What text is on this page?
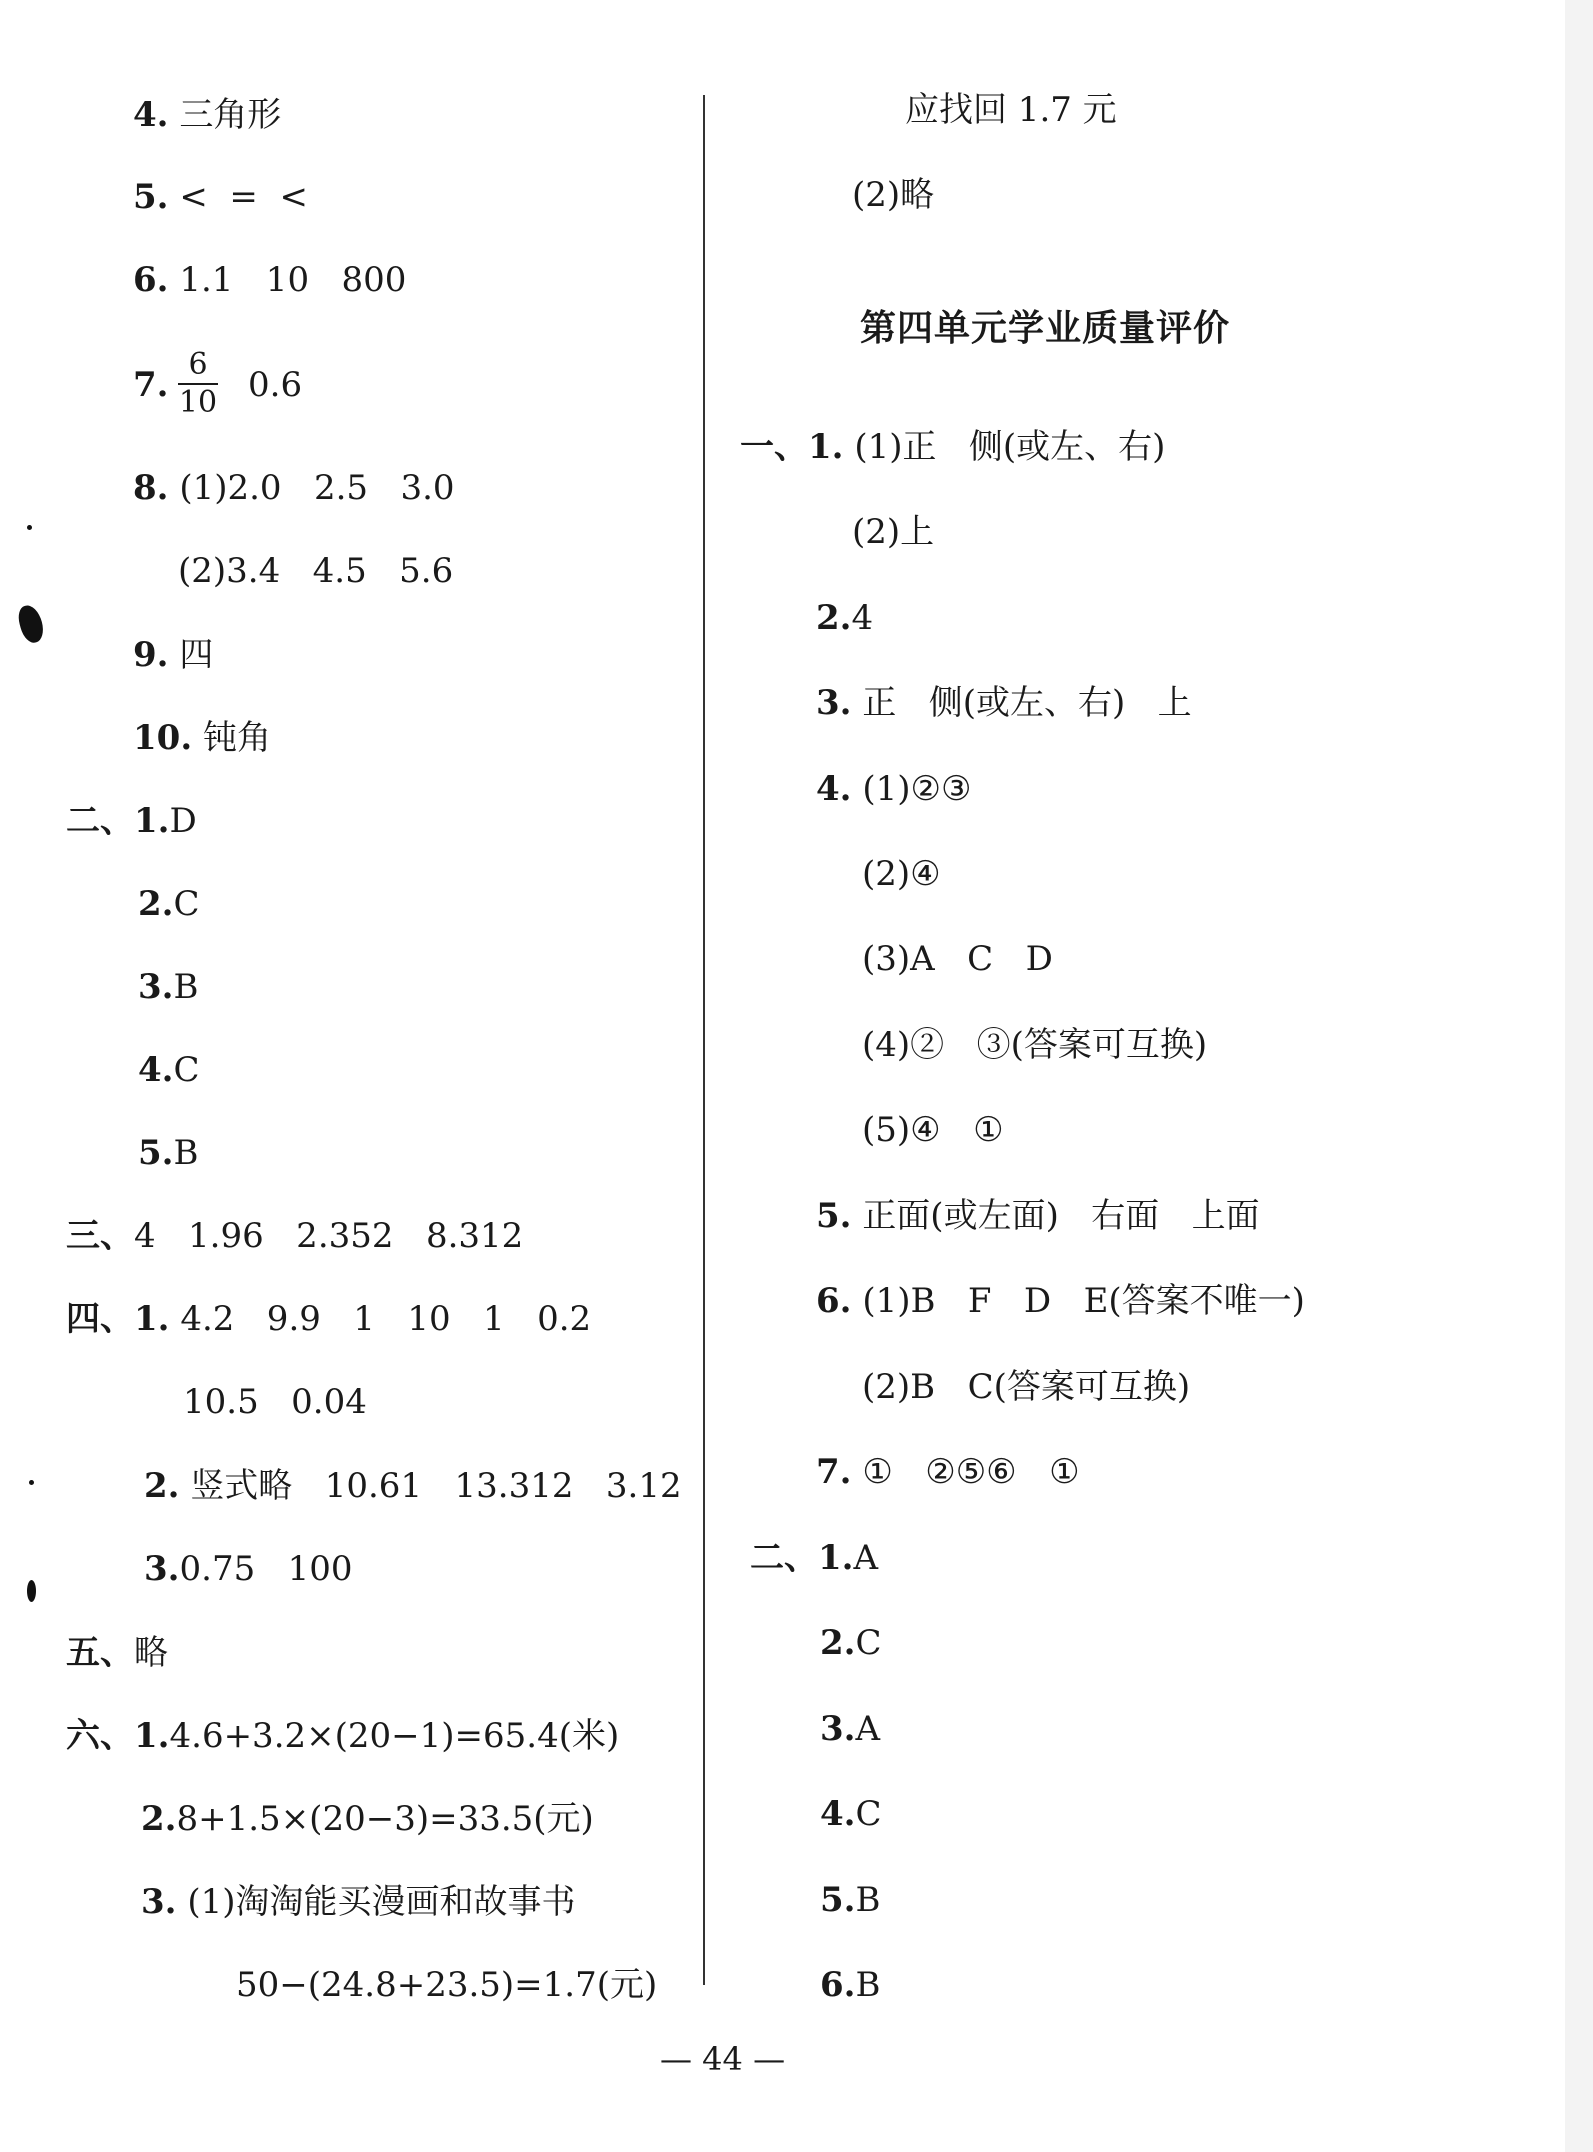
4. 三角形
5. <  =  <
6. 1.1   10   800
7.
6
10 0.6
8. (1)2.0   2.5   3.0
(2)3.4   4.5   5.6
9. 四
10. 钝角
二、1.D
2.C
3.B
4.C
5.B
三、4   1.96   2.352   8.312
四、1. 4.2   9.9   1   10   1   0.2
10.5   0.04
2. 竖式略   10.61   13.312   3.12
3.0.75   100
五、略
六、1.4.6+3.2×(20−1)=65.4(米)
2.8+1.5×(20−3)=33.5(元)
3. (1)淘淘能买漫画和故事书
50−(24.8+23.5)=1.7(元)
应找回 1.7 元
(2)略
第四单元学业质量评价
一、1. (1)正   侧(或左、右)
(2)上
2.4
3. 正   侧(或左、右)   上
4. (1)②③
(2)④
(3)A   C   D
(4)②   ③(答案可互换)
(5)④   ①
5. 正面(或左面)   右面   上面
6. (1)B   F   D   E(答案不唯一)
(2)B   C(答案可互换)
7. ①   ②⑤⑥   ①
二、1.A
2.C
3.A
4.C
5.B
6.B
— 44 —
